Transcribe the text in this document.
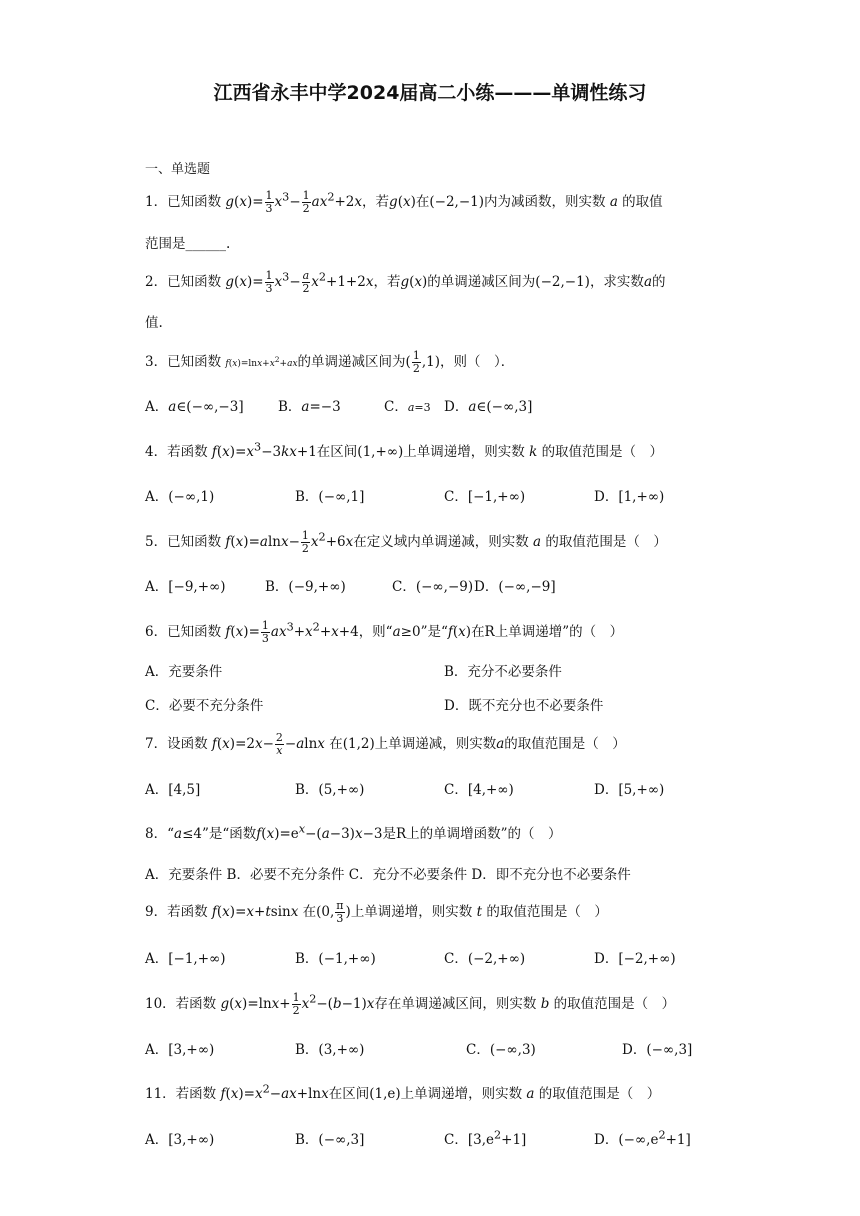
江西省永丰中学2024届高二小练———单调性练习
一、单选题
1．已知函数 $g(x)= \frac{1}{3} x^3- \frac{1}{2} ax^2+2x$，若g(x)在(−2,−1)内为减函数，则实数 a 的取值
范围是______.
2．已知函数 $g(x)= \frac{1}{3} x^3- \frac{a}{2} x^2+1+2x$，若g(x)的单调递减区间为(−2,−1)，求实数a的
值.
3．已知函数 $f(x)=\ln x+x^2+ax$的单调递减区间为( $\frac{1}{2} ,1$)，则（　）．
A．a∈(−∞,−3]	B．a=−3	C．a=3 D．a∈(−∞,3]
4．若函数 $f(x)=x^3-3kx+1$在区间(1,+∞)上单调递增，则实数 k 的取值范围是（　）
A．(−∞,1)	B．(−∞,1]	C．[−1,+∞)	D．[1,+∞)
5．已知函数 $f(x)=alnx- \frac{1}{2} x^2+6x$在定义域内单调递减，则实数 a 的取值范围是（　）
A．[−9,+∞)	B．(−9,+∞)	C．(−∞,−9) D．(−∞,−9]
6．已知函数 $f(x)= \frac{1}{3} ax^3+x^2+x+4$，则“a≥0”是“f(x)在R上单调递增”的（　）
A．充要条件	B．充分不必要条件
C．必要不充分条件	D．既不充分也不必要条件
7．设函数 $f(x)=2x- \frac{2}{x} -alnx$ 在(1,2)上单调递减，则实数a的取值范围是（　）
A．[4,5]	B．(5,+∞)	C．[4,+∞)	D．[5,+∞)
8．“a≤4”是“函数$f(x)=e^x-(a-3)x-3$是R上的单调增函数”的（　）
A．充要条件 B．必要不充分条件 C．充分不必要条件 D．即不充分也不必要条件
9．若函数 f(x)=x+tsinx 在(0, $\frac{\pi}{3}$ )上单调递增，则实数 t 的取值范围是（　）
A．[−1,+∞)	B．(−1,+∞)	C．(−2,+∞)	D．[−2,+∞)
10．若函数 $g(x)=\ln x+ \frac{1}{2} x^2-(b-1)x$存在单调递减区间，则实数 b 的取值范围是（　）
A．[3,+∞)	B．(3,+∞)	C．(−∞,3)	D．(−∞,3]
11．若函数 $f(x)=x^2-ax+\ln x$在区间(1,e)上单调递增，则实数 a 的取值范围是（　）
A．[3,+∞)	B．(−∞,3]	C．$[3,e^2+1]$	D．$(-\infty,e^2+1]$
